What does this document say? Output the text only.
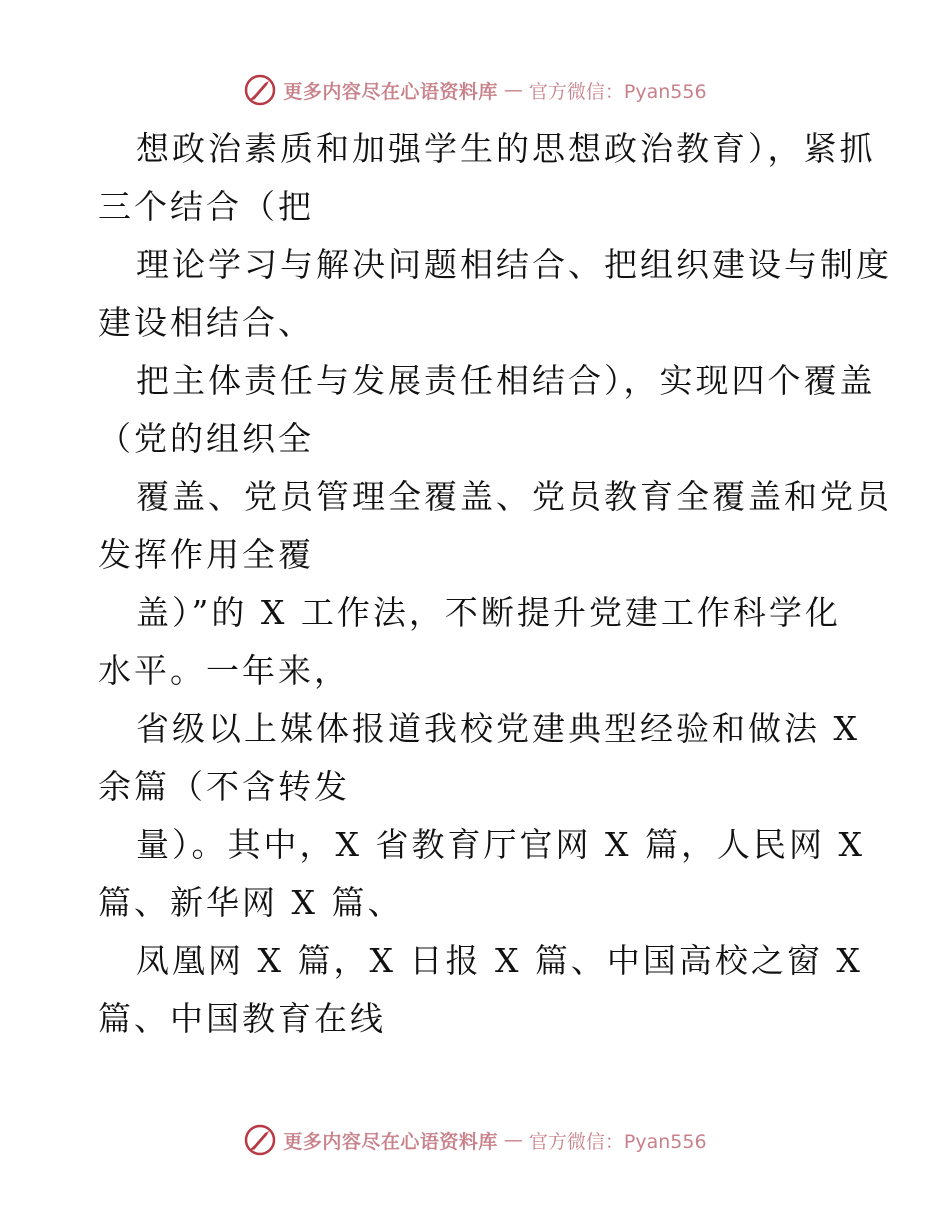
更多内容尽在心语资料库 — 官方微信：Pyan556
想政治素质和加强学生的思想政治教育），紧抓
三个结合（把
理论学习与解决问题相结合、把组织建设与制度
建设相结合、
把主体责任与发展责任相结合），实现四个覆盖
（党的组织全
覆盖、党员管理全覆盖、党员教育全覆盖和党员
发挥作用全覆
盖）”的 X 工作法，不断提升党建工作科学化
水平。一年来，
省级以上媒体报道我校党建典型经验和做法 X
余篇（不含转发
量）。其中，X 省教育厅官网 X 篇，人民网 X
篇、新华网 X 篇、
凤凰网 X 篇，X 日报 X 篇、中国高校之窗 X
篇、中国教育在线
更多内容尽在心语资料库 — 官方微信：Pyan556
